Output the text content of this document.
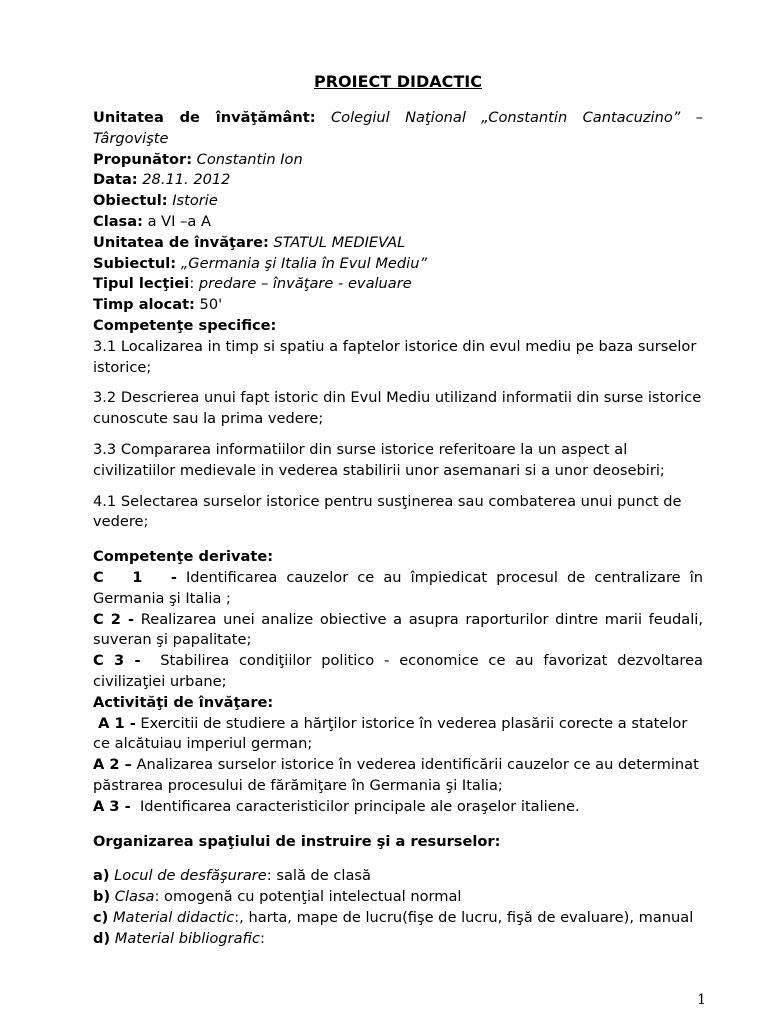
PROIECT DIDACTIC

Unitatea de învăţământ: Colegiul Naţional „Constantin Cantacuzino” – Târgovişte

Propunător: Constantin Ion

Data: 28.11. 2012

Obiectul: Istorie

Clasa: a VI –a A

Unitatea de învăţare: STATUL MEDIEVAL

Subiectul: „Germania şi Italia în Evul Mediu”

Tipul lecţiei: predare – învăţare - evaluare

Timp alocat: 50'

Competenţe specifice:

3.1 Localizarea in timp si spatiu a faptelor istorice din evul mediu pe baza surselor istorice;

3.2 Descrierea unui fapt istoric din Evul Mediu utilizand informatii din surse istorice cunoscute sau la prima vedere;

3.3 Compararea informatiilor din surse istorice referitoare la un aspect al civilizatiilor medievale in vederea stabilirii unor asemanari si a unor deosebiri;

4.1 Selectarea surselor istorice pentru susţinerea sau combaterea unui punct de vedere;

Competenţe derivate:

C   1   - Identificarea cauzelor ce au împiedicat procesul de centralizare în Germania şi Italia ;

C 2 - Realizarea unei analize obiective a asupra raporturilor dintre marii feudali, suveran şi papalitate;

C 3 -  Stabilirea condiţiilor politico - economice ce au favorizat dezvoltarea civilizaţiei urbane;

Activităţi de învăţare:

A 1 - Exercitii de studiere a hărţilor istorice în vederea plasării corecte a statelor ce alcătuiau imperiul german;

A 2 – Analizarea surselor istorice în vederea identificării cauzelor ce au determinat păstrarea procesului de fărămiţare în Germania şi Italia;

A 3 -  Identificarea caracteristicilor principale ale oraşelor italiene.

Organizarea spaţiului de instruire şi a resurselor:

a) Locul de desfăşurare: sală de clasă

b) Clasa: omogenă cu potenţial intelectual normal

c) Material didactic:, harta, mape de lucru(fişe de lucru, fişă de evaluare), manual

d) Material bibliografic:

1
